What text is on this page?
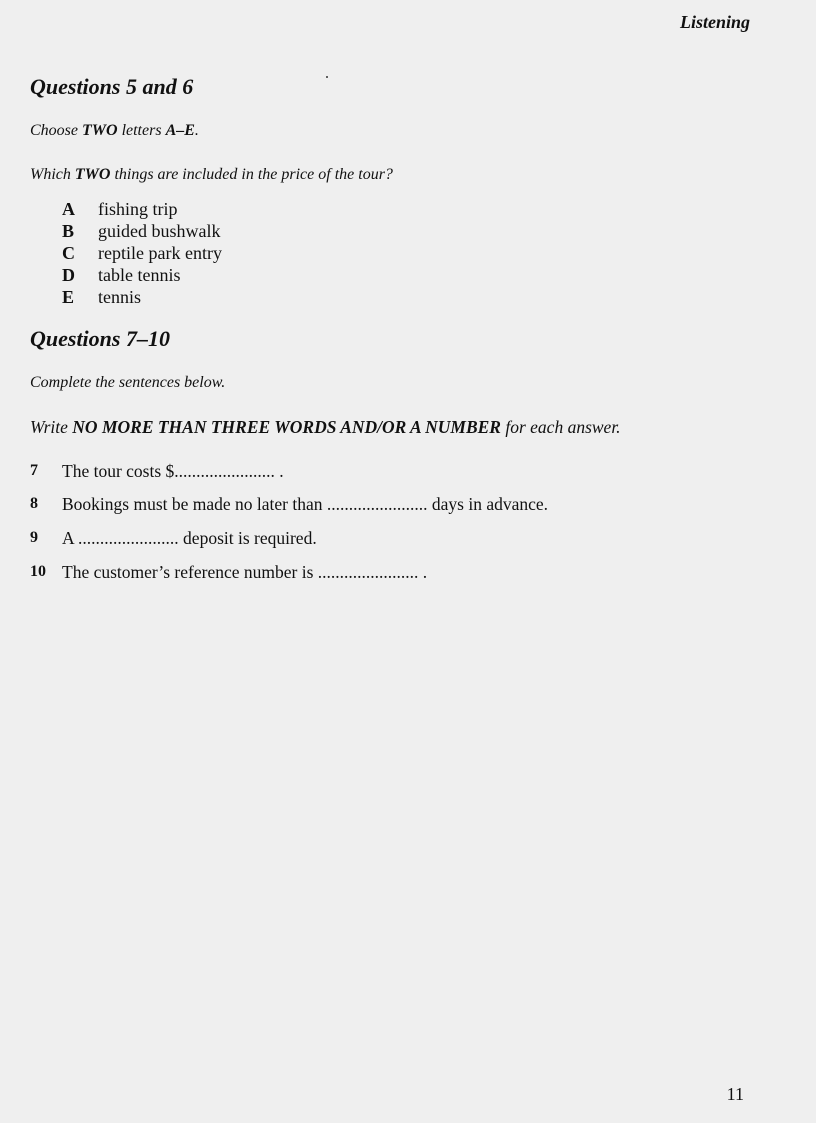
Listening
Questions 5 and 6
Choose TWO letters A–E.
Which TWO things are included in the price of the tour?
A	fishing trip
B	guided bushwalk
C	reptile park entry
D	table tennis
E	tennis
Questions 7–10
Complete the sentences below.
Write NO MORE THAN THREE WORDS AND/OR A NUMBER for each answer.
7	The tour costs $....................... .
8	Bookings must be made no later than ....................... days in advance.
9	A ....................... deposit is required.
10 The customer’s reference number is ....................... .
11
